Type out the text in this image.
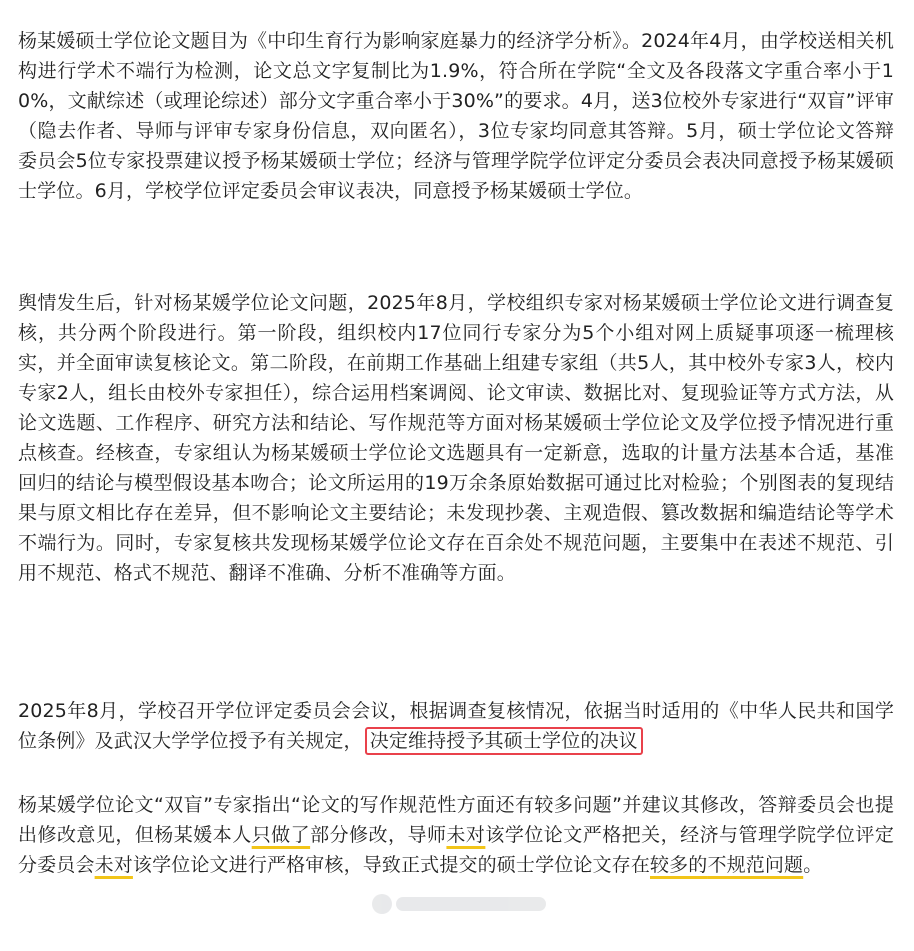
杨某媛硕士学位论文题目为《中印生育行为影响家庭暴力的经济学分析》。2024年4月，由学校送相关机构进行学术不端行为检测，论文总文字复制比为1.9%，符合所在学院“全文及各段落文字重合率小于10%，文献综述（或理论综述）部分文字重合率小于30%”的要求。4月，送3位校外专家进行“双盲”评审（隐去作者、导师与评审专家身份信息，双向匿名），3位专家均同意其答辩。5月，硕士学位论文答辩委员会5位专家投票建议授予杨某媛硕士学位；经济与管理学院学位评定分委员会表决同意授予杨某媛硕士学位。6月，学校学位评定委员会审议表决，同意授予杨某媛硕士学位。

舆情发生后，针对杨某媛学位论文问题，2025年8月，学校组织专家对杨某媛硕士学位论文进行调查复核，共分两个阶段进行。第一阶段，组织校内17位同行专家分为5个小组对网上质疑事项逐一梳理核实，并全面审读复核论文。第二阶段，在前期工作基础上组建专家组（共5人，其中校外专家3人，校内专家2人，组长由校外专家担任），综合运用档案调阅、论文审读、数据比对、复现验证等方式方法，从论文选题、工作程序、研究方法和结论、写作规范等方面对杨某媛硕士学位论文及学位授予情况进行重点核查。经核查，专家组认为杨某媛硕士学位论文选题具有一定新意，选取的计量方法基本合适，基准回归的结论与模型假设基本吻合；论文所运用的19万余条原始数据可通过比对检验；个别图表的复现结果与原文相比存在差异，但不影响论文主要结论；未发现抄袭、主观造假、篡改数据和编造结论等学术不端行为。同时，专家复核共发现杨某媛学位论文存在百余处不规范问题，主要集中在表述不规范、引用不规范、格式不规范、翻译不准确、分析不准确等方面。

2025年8月，学校召开学位评定委员会会议，根据调查复核情况，依据当时适用的《中华人民共和国学位条例》及武汉大学学位授予有关规定， 决定维持授予其硕士学位的决议

杨某媛学位论文“双盲”专家指出“论文的写作规范性方面还有较多问题”并建议其修改，答辩委员会也提出修改意见，但杨某媛本人只做了部分修改，导师未对该学位论文严格把关，经济与管理学院学位评定分委员会未对该学位论文进行严格审核，导致正式提交的硕士学位论文存在较多的不规范问题。
